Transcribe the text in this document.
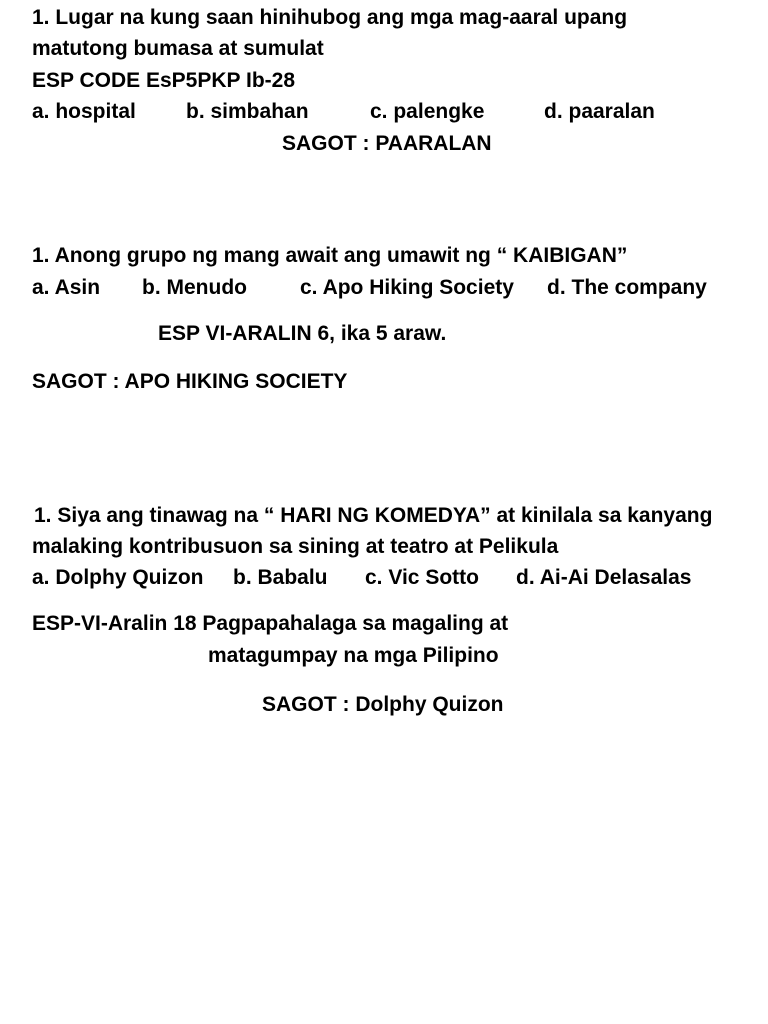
1. Lugar na kung saan hinihubog ang mga mag-aaral upang

matutong bumasa at sumulat

ESP CODE EsP5PKP Ib-28

a. hospital b. simbahan	c. palengke	d. paaralan

SAGOT : PAARALAN

1. Anong grupo ng mang await ang umawit ng “ KAIBIGAN”

a. Asin b. Menudo	c. Apo Hiking Society d. The company

ESP VI-ARALIN 6, ika 5 araw.

SAGOT : APO HIKING SOCIETY

1. Siya ang tinawag na “ HARI NG KOMEDYA” at kinilala sa kanyang

malaking kontribusuon sa sining at teatro at Pelikula

a. Dolphy Quizon b. Babalu c. Vic Sotto d. Ai-Ai Delasalas

ESP-VI-Aralin 18 Pagpapahalaga sa magaling at

matagumpay na mga Pilipino

SAGOT : Dolphy Quizon
